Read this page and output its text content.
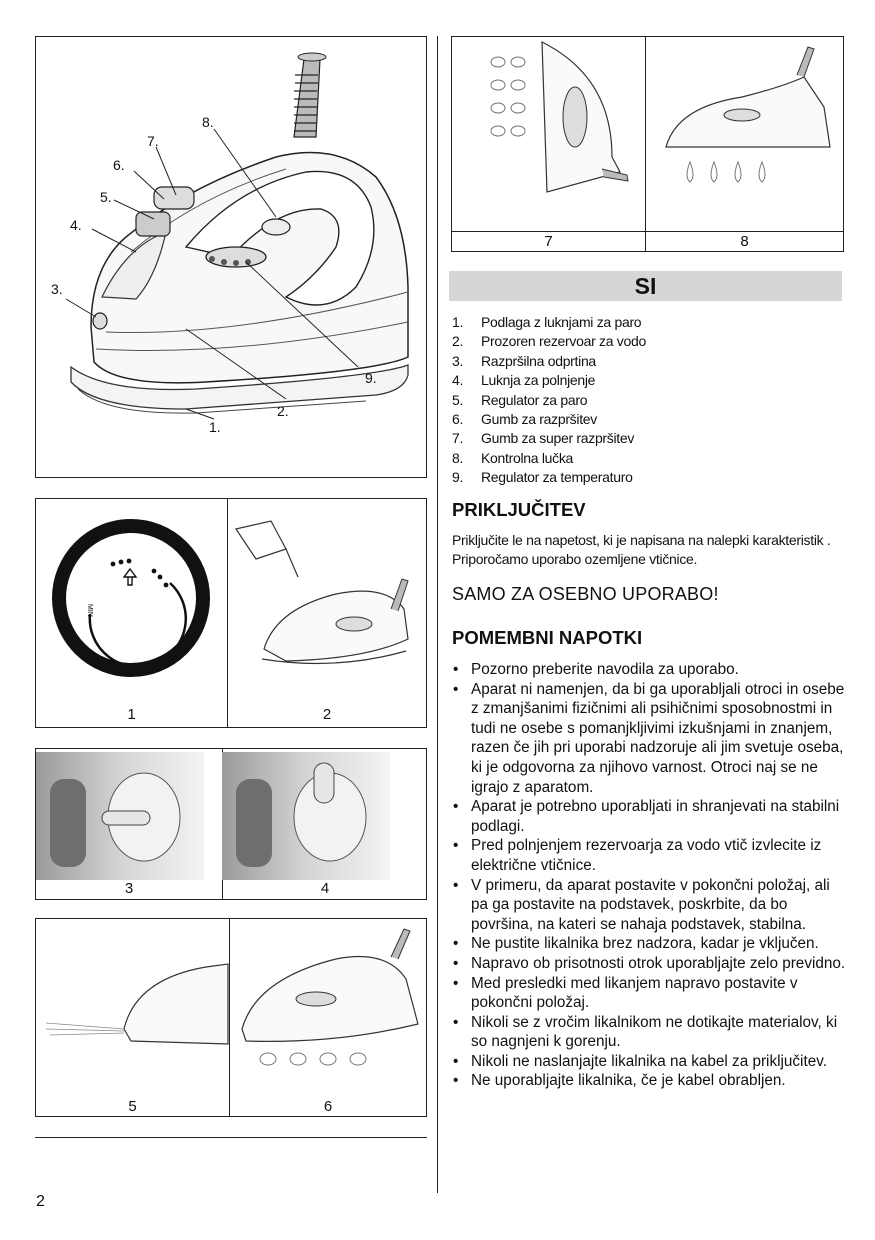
1.
2.
3.
4.
5.
6.
7.
8.
9.
MIN
1	2
3	4
5	6
7	8
SI
1.	Podlaga z luknjami za paro
2.	Prozoren rezervoar za vodo
3.	Razpršilna odprtina
4.	Luknja za polnjenje
5.	Regulator za paro
6.	Gumb za razpršitev
7.	Gumb za super razpršitev
8.	Kontrolna lučka
9.	Regulator za temperaturo
PRIKLJUČITEV
Priključite le na napetost, ki je napisana na nalepki karakteristik . Priporočamo uporabo ozemljene vtičnice.
SAMO ZA OSEBNO UPORABO!
POMEMBNI NAPOTKI
• Pozorno preberite navodila za uporabo.
• Aparat ni namenjen, da bi ga uporabljali otroci in osebe z zmanjšanimi fizičnimi ali psihičnimi sposobnostmi in tudi ne osebe s pomanjkljivimi izkušnjami in znanjem, razen če jih pri uporabi nadzoruje ali jim svetuje oseba, ki je odgovorna za njihovo varnost. Otroci naj se ne igrajo z aparatom.
• Aparat je potrebno uporabljati in shranjevati na stabilni podlagi.
• Pred polnjenjem rezervoarja za vodo vtič izvlecite iz električne vtičnice.
• V primeru, da aparat postavite v pokončni položaj, ali pa ga postavite na podstavek, poskrbite, da bo površina, na kateri se nahaja podstavek, stabilna.
• Ne pustite likalnika brez nadzora, kadar je vključen.
• Napravo ob prisotnosti otrok uporabljajte zelo previdno.
• Med presledki med likanjem napravo postavite v pokončni položaj.
• Nikoli se z vročim likalnikom ne dotikajte materialov, ki so nagnjeni k gorenju.
• Nikoli ne naslanjajte likalnika na kabel za priključitev.
• Ne uporabljajte likalnika, če je kabel obrabljen.
2
